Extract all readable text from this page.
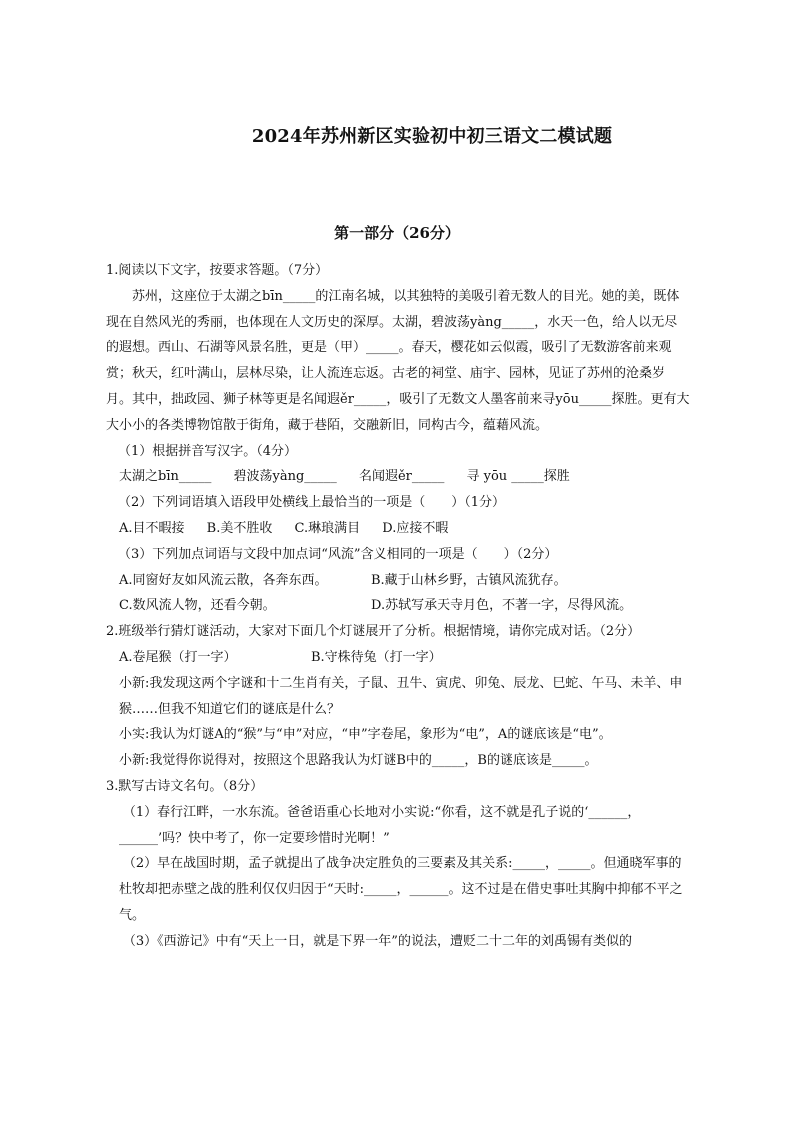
2024年苏州新区实验初中初三语文二模试题
第一部分（26分）

1.阅读以下文字，按要求答题。（7分）

苏州，这座位于太湖之bīn_____的江南名城，以其独特的美吸引着无数人的目光。她的美，既体现在自然风光的秀丽，也体现在人文历史的深厚。太湖，碧波荡yàng_____，水天一色，给人以无尽的遐想。西山、石湖等风景名胜，更是（甲）_____。春天，樱花如云似霞，吸引了无数游客前来观赏；秋天，红叶满山，层林尽染，让人流连忘返。古老的祠堂、庙宇、园林，见证了苏州的沧桑岁月。其中，拙政园、狮子林等更是名闻遐ěr_____，吸引了无数文人墨客前来寻yōu_____探胜。更有大大小小的各类博物馆散于街角，藏于巷陌，交融新旧，同构古今，蕴藉风流。

（1）根据拼音写汉字。（4分）

太湖之bīn_____ 碧波荡yàng_____ 名闻遐ěr_____ 寻 yōu _____探胜

（2）下列词语填入语段甲处横线上最恰当的一项是（　　）（1分）

A.目不暇接 B.美不胜收 C.琳琅满目 D.应接不暇

（3）下列加点词语与文段中加点词“风流”含义相同的一项是（　　）（2分）

A.同窗好友如风流云散，各奔东西。	B.藏于山林乡野，古镇风流犹存。
C.数风流人物，还看今朝。	D.苏轼写承天寺月色，不著一字，尽得风流。

2.班级举行猜灯谜活动，大家对下面几个灯谜展开了分析。根据情境，请你完成对话。（2分）

A.卷尾猴（打一字）	B.守株待兔（打一字）

小新:我发现这两个字谜和十二生肖有关，子鼠、丑牛、寅虎、卯兔、辰龙、巳蛇、午马、未羊、申猴……但我不知道它们的谜底是什么？

小实:我认为灯谜A的“猴”与“申”对应，“申”字卷尾，象形为“电”，A的谜底该是“电”。

小新:我觉得你说得对，按照这个思路我认为灯谜B中的_____，B的谜底该是_____。

3.默写古诗文名句。（8分）

（1）春行江畔，一水东流。爸爸语重心长地对小实说:“你看，这不就是孔子说的‘______，______’吗？快中考了，你一定要珍惜时光啊！”

（2）早在战国时期，孟子就提出了战争决定胜负的三要素及其关系:_____，_____。但通晓军事的杜牧却把赤壁之战的胜利仅仅归因于“天时:_____，______。这不过是在借史事吐其胸中抑郁不平之气。

（3）《西游记》中有“天上一日，就是下界一年”的说法，遭贬二十二年的刘禹锡有类似的
